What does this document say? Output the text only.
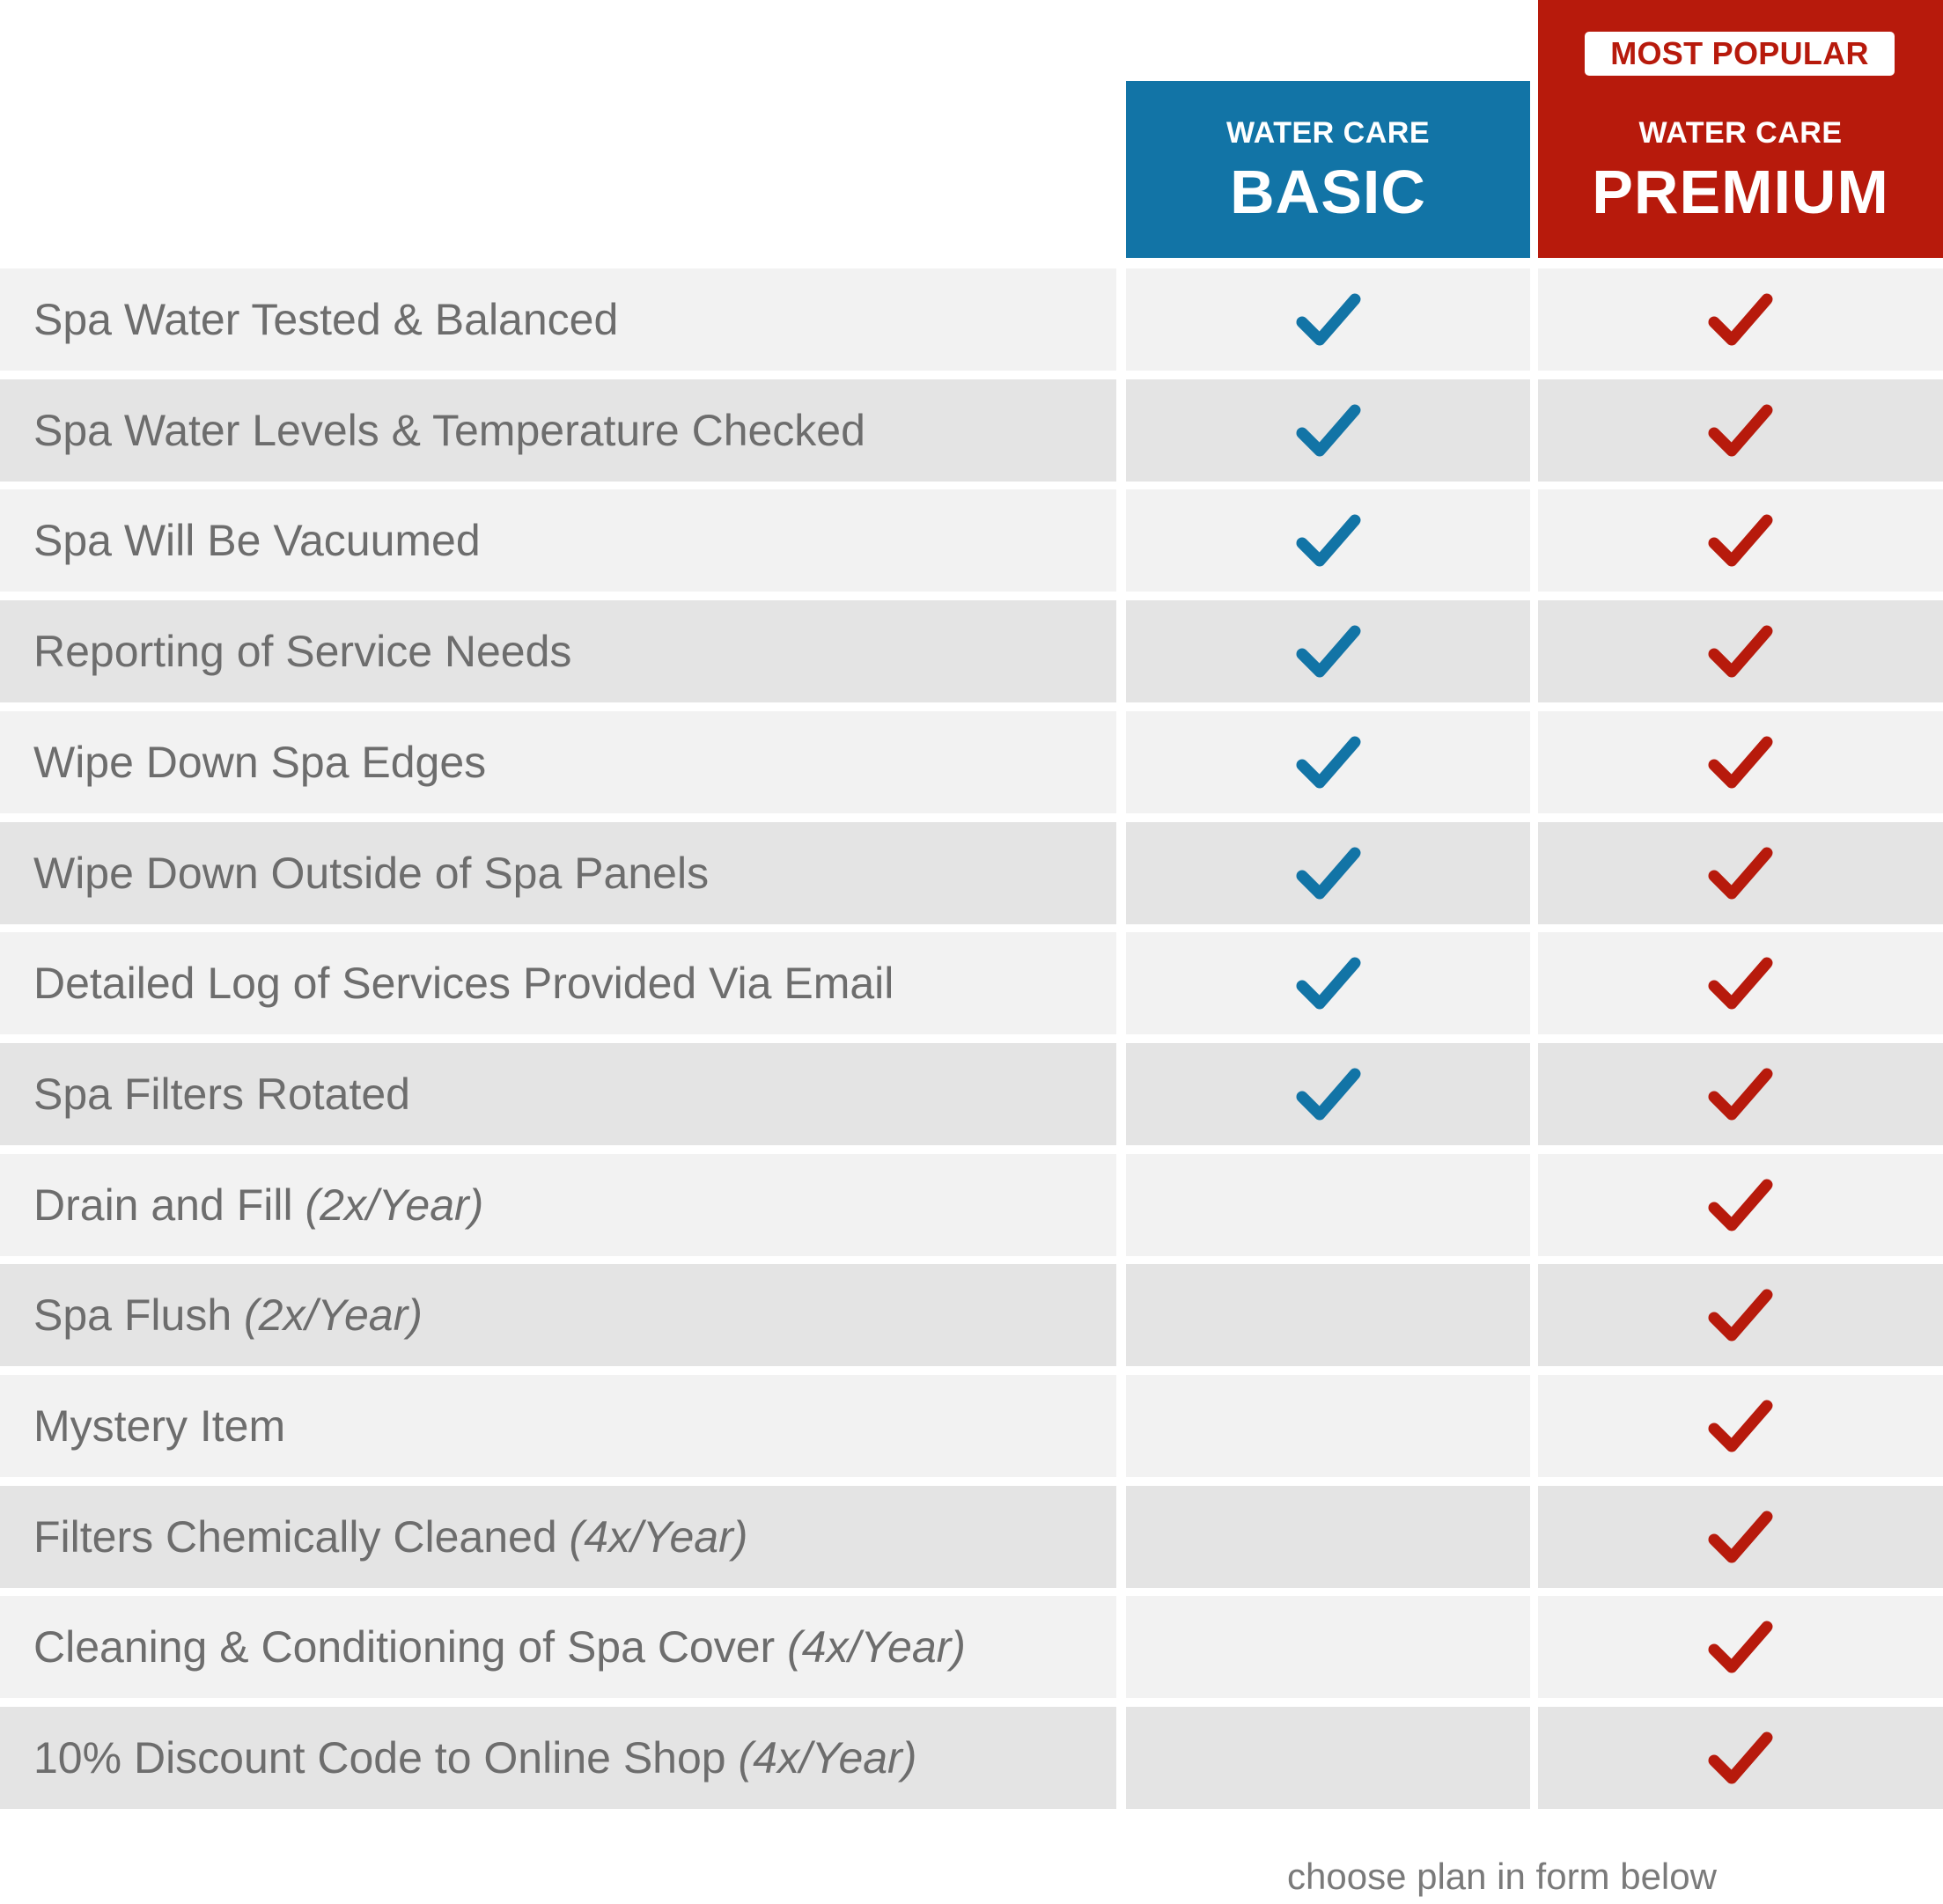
WATER CARE
BASIC
MOST POPULAR
WATER CARE
PREMIUM
Spa Water Tested & Balanced
Spa Water Levels & Temperature Checked
Spa Will Be Vacuumed
Reporting of Service Needs
Wipe Down Spa Edges
Wipe Down Outside of Spa Panels
Detailed Log of Services Provided Via Email
Spa Filters Rotated
Drain and Fill (2x/Year)
Spa Flush (2x/Year)
Mystery Item
Filters Chemically Cleaned (4x/Year)
Cleaning & Conditioning of Spa Cover (4x/Year)
10% Discount Code to Online Shop (4x/Year)
choose plan in form below
